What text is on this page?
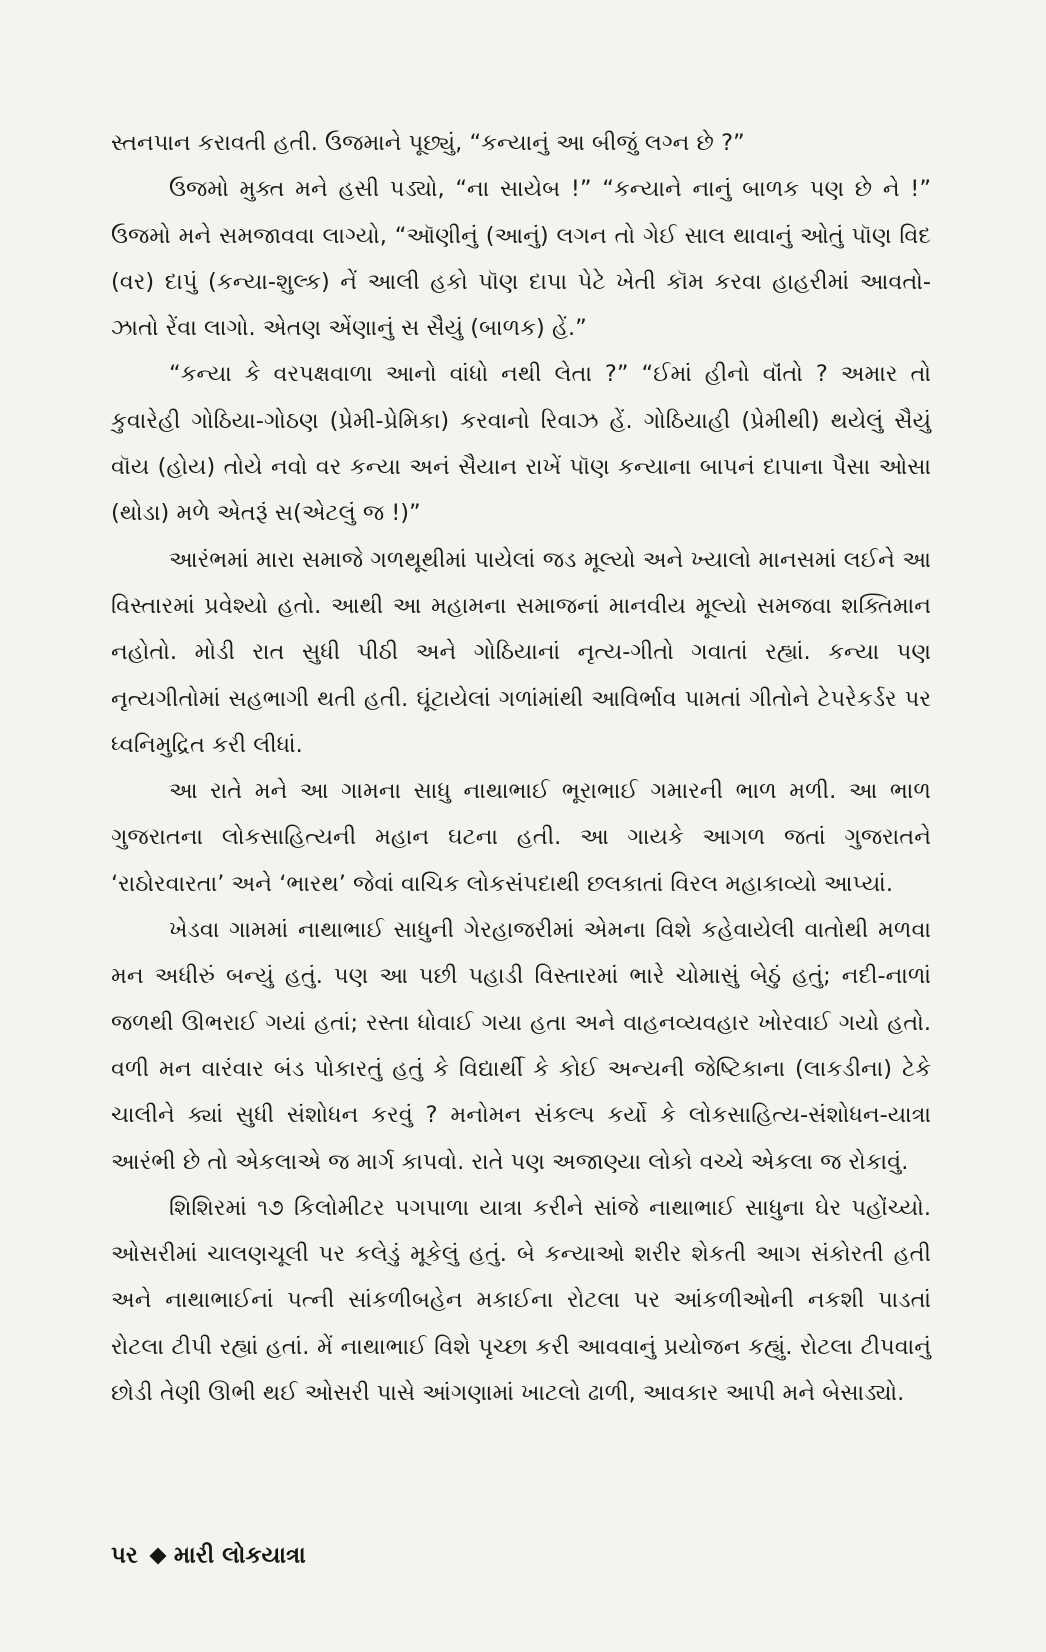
સ્તનપાન કરાવતી હતી. ઉજમાને પૂછ્યું, “કન્યાનું આ બીજું લગ્ન છે ?”

ઉજમો મુક્ત મને હસી પડ્યો, “ના સાયેબ !” “કન્યાને નાનું બાળક પણ છે ને !” ઉજમો મને સમજાવવા લાગ્યો, “ઑણીનું (આનું) લગન તો ગેઈ સાલ થાવાનું ઓતું પૉણ વિદ (વર) દાપું (કન્યા-શુલ્ક) નેં આલી હકો પૉણ દાપા પેટે ખેતી કૉમ કરવા હાહરીમાં આવતો-ઝાતો રેંવા લાગો. એતણ એંણાનું સ સૈયું (બાળક) હેં.”

“કન્યા કે વરપક્ષવાળા આનો વાંધો નથી લેતા ?” “ઈમાં હીનો વૉંતો ? અમાર તો કુવારેહી ગોઠિયા-ગોઠણ (પ્રેમી-પ્રેમિકા) કરવાનો રિવાઝ હેં. ગોઠિયાહી (પ્રેમીથી) થયેલું સૈયું વૉય (હોય) તોયે નવો વર કન્યા અનં સૈયાન રાખેં પૉણ કન્યાના બાપનં દાપાના પૈસા ઓસા (થોડા) મળે એતરૂં સ(એટલું જ !)”

આરંભમાં મારા સમાજે ગળથૂથીમાં પાયેલાં જડ મૂલ્યો અને ખ્યાલો માનસમાં લઈને આ વિસ્તારમાં પ્રવેશ્યો હતો. આથી આ મહામના સમાજનાં માનવીય મૂલ્યો સમજવા શક્તિમાન નહોતો. મોડી રાત સુધી પીઠી અને ગોઠિયાનાં નૃત્ય-ગીતો ગવાતાં રહ્યાં. કન્યા પણ નૃત્યગીતોમાં સહભાગી થતી હતી. ઘૂંટાયેલાં ગળાંમાંથી આવિર્ભાવ પામતાં ગીતોને ટેપરેકર્ડર પર ધ્વનિમુદ્રિત કરી લીધાં.

આ રાતે મને આ ગામના સાધુ નાથાભાઈ ભૂરાભાઈ ગમારની ભાળ મળી. આ ભાળ ગુજરાતના લોકસાહિત્યની મહાન ઘટના હતી. આ ગાયકે આગળ જતાં ગુજરાતને ‘રાઠોરવારતા’ અને ‘ભારથ’ જેવાં વાચિક લોકસંપદાથી છલકાતાં વિરલ મહાકાવ્યો આપ્યાં.

ખેડવા ગામમાં નાથાભાઈ સાધુની ગેરહાજરીમાં એમના વિશે કહેવાયેલી વાતોથી મળવા મન અધીરું બન્યું હતું. પણ આ પછી પહાડી વિસ્તારમાં ભારે ચોમાસું બેઠું હતું; નદી-નાળાં જળથી ઊભરાઈ ગયાં હતાં; રસ્તા ધોવાઈ ગયા હતા અને વાહનવ્યવહાર ખોરવાઈ ગયો હતો. વળી મન વારંવાર બંડ પોકારતું હતું કે વિદ્યાર્થી કે કોઈ અન્યની જેષ્ટિકાના (લાકડીના) ટેકે ચાલીને ક્યાં સુધી સંશોધન કરવું ? મનોમન સંકલ્પ કર્યો કે લોકસાહિત્ય-સંશોધન-યાત્રા આરંભી છે તો એકલાએ જ માર્ગ કાપવો. રાતે પણ અજાણ્યા લોકો વચ્ચે એકલા જ રોકાવું.

શિશિરમાં ૧૭ કિલોમીટર પગપાળા યાત્રા કરીને સાંજે નાથાભાઈ સાધુના ઘેર પહોંચ્યો. ઓસરીમાં ચાલણચૂલી પર કલેડું મૂકેલું હતું. બે કન્યાઓ શરીર શેકતી આગ સંકોરતી હતી અને નાથાભાઈનાં પત્ની સાંકળીબહેન મકાઈના રોટલા પર આંકળીઓની નકશી પાડતાં રોટલા ટીપી રહ્યાં હતાં. મેં નાથાભાઈ વિશે પૃચ્છા કરી આવવાનું પ્રયોજન કહ્યું. રોટલા ટીપવાનું છોડી તેણી ઊભી થઈ ઓસરી પાસે આંગણામાં ખાટલો ઢાળી, આવકાર આપી મને બેસાડ્યો.

પર મારી લોકયાત્રા
